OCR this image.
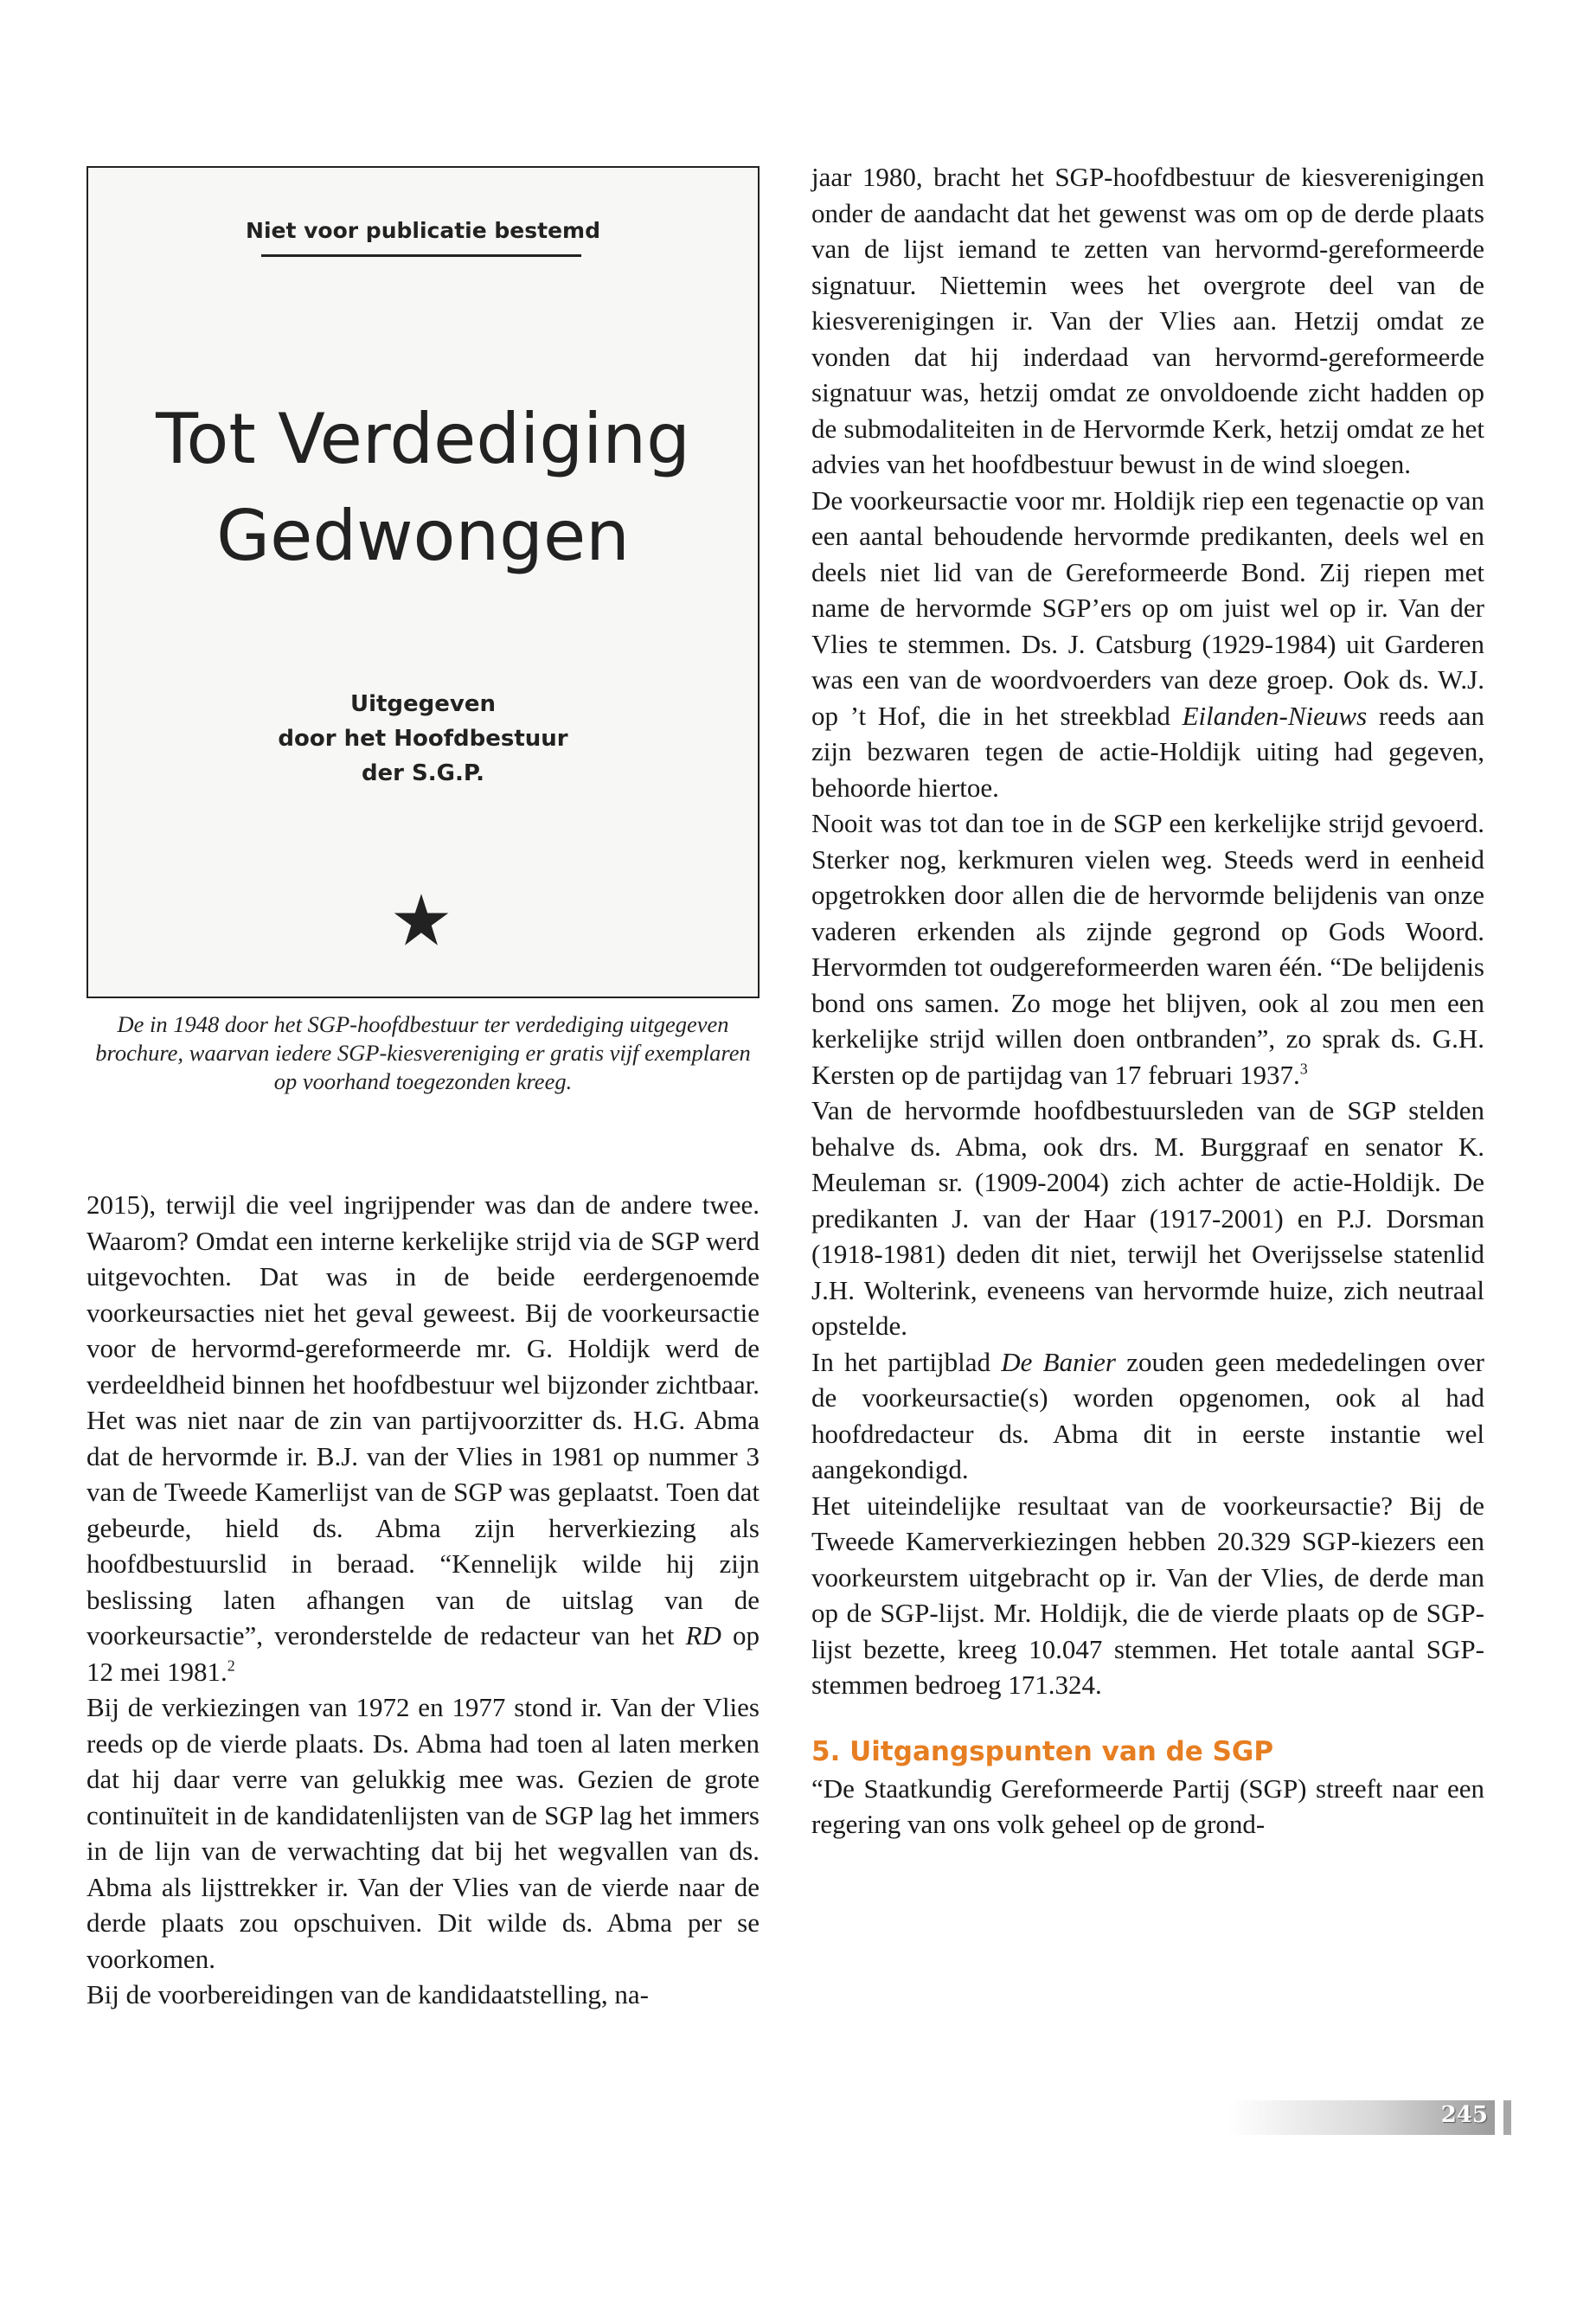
Niet voor publicatie bestemd
Tot Verdediging
Gedwongen
Uitgegeven
door het Hoofdbestuur
der S.G.P.
De in 1948 door het SGP-hoofdbestuur ter verdediging uitgegeven brochure, waarvan iedere SGP-kiesvereniging er gratis vijf exemplaren op voorhand toegezonden kreeg.

2015), terwijl die veel ingrijpender was dan de andere twee. Waarom? Omdat een interne kerkelijke strijd via de SGP werd uitgevochten. Dat was in de beide eerdergenoemde voorkeursacties niet het geval geweest. Bij de voorkeursactie voor de hervormd-gereformeerde mr. G. Holdijk werd de verdeeldheid binnen het hoofdbestuur wel bijzonder zichtbaar. Het was niet naar de zin van partijvoorzitter ds. H.G. Abma dat de hervormde ir. B.J. van der Vlies in 1981 op nummer 3 van de Tweede Kamerlijst van de SGP was geplaatst. Toen dat gebeurde, hield ds. Abma zijn herverkiezing als hoofdbestuurslid in beraad. “Kennelijk wilde hij zijn beslissing laten afhangen van de uitslag van de voorkeursactie”, veronderstelde de redacteur van het RD op 12 mei 1981.$^2$

Bij de verkiezingen van 1972 en 1977 stond ir. Van der Vlies reeds op de vierde plaats. Ds. Abma had toen al laten merken dat hij daar verre van gelukkig mee was. Gezien de grote continuïteit in de kandidatenlijsten van de SGP lag het immers in de lijn van de verwachting dat bij het wegvallen van ds. Abma als lijsttrekker ir. Van der Vlies van de vierde naar de derde plaats zou opschuiven. Dit wilde ds. Abma per se voorkomen.

Bij de voorbereidingen van de kandidaatstelling, na-

jaar 1980, bracht het SGP-hoofdbestuur de kiesverenigingen onder de aandacht dat het gewenst was om op de derde plaats van de lijst iemand te zetten van hervormd-gereformeerde signatuur. Niettemin wees het overgrote deel van de kiesverenigingen ir. Van der Vlies aan. Hetzij omdat ze vonden dat hij inderdaad van hervormd-gereformeerde signatuur was, hetzij omdat ze onvoldoende zicht hadden op de submodaliteiten in de Hervormde Kerk, hetzij omdat ze het advies van het hoofdbestuur bewust in de wind sloegen.

De voorkeursactie voor mr. Holdijk riep een tegenactie op van een aantal behoudende hervormde predikanten, deels wel en deels niet lid van de Gereformeerde Bond. Zij riepen met name de hervormde SGP’ers op om juist wel op ir. Van der Vlies te stemmen. Ds. J. Catsburg (1929-1984) uit Garderen was een van de woordvoerders van deze groep. Ook ds. W.J. op ’t Hof, die in het streekblad Eilanden-Nieuws reeds aan zijn bezwaren tegen de actie-Holdijk uiting had gegeven, behoorde hiertoe.

Nooit was tot dan toe in de SGP een kerkelijke strijd gevoerd. Sterker nog, kerkmuren vielen weg. Steeds werd in eenheid opgetrokken door allen die de hervormde belijdenis van onze vaderen erkenden als zijnde gegrond op Gods Woord. Hervormden tot oudgereformeerden waren één. “De belijdenis bond ons samen. Zo moge het blijven, ook al zou men een kerkelijke strijd willen doen ontbranden”, zo sprak ds. G.H. Kersten op de partijdag van 17 februari 1937.$^3$

Van de hervormde hoofdbestuursleden van de SGP stelden behalve ds. Abma, ook drs. M. Burggraaf en senator K. Meuleman sr. (1909-2004) zich achter de actie-Holdijk. De predikanten J. van der Haar (1917-2001) en P.J. Dorsman (1918-1981) deden dit niet, terwijl het Overijsselse statenlid J.H. Wolterink, eveneens van hervormde huize, zich neutraal opstelde.

In het partijblad De Banier zouden geen mededelingen over de voorkeursactie(s) worden opgenomen, ook al had hoofdredacteur ds. Abma dit in eerste instantie wel aangekondigd.

Het uiteindelijke resultaat van de voorkeursactie? Bij de Tweede Kamerverkiezingen hebben 20.329 SGP-kiezers een voorkeurstem uitgebracht op ir. Van der Vlies, de derde man op de SGP-lijst. Mr. Holdijk, die de vierde plaats op de SGP-lijst bezette, kreeg 10.047 stemmen. Het totale aantal SGP-stemmen bedroeg 171.324.

5. Uitgangspunten van de SGP

“De Staatkundig Gereformeerde Partij (SGP) streeft naar een regering van ons volk geheel op de grond-

245
